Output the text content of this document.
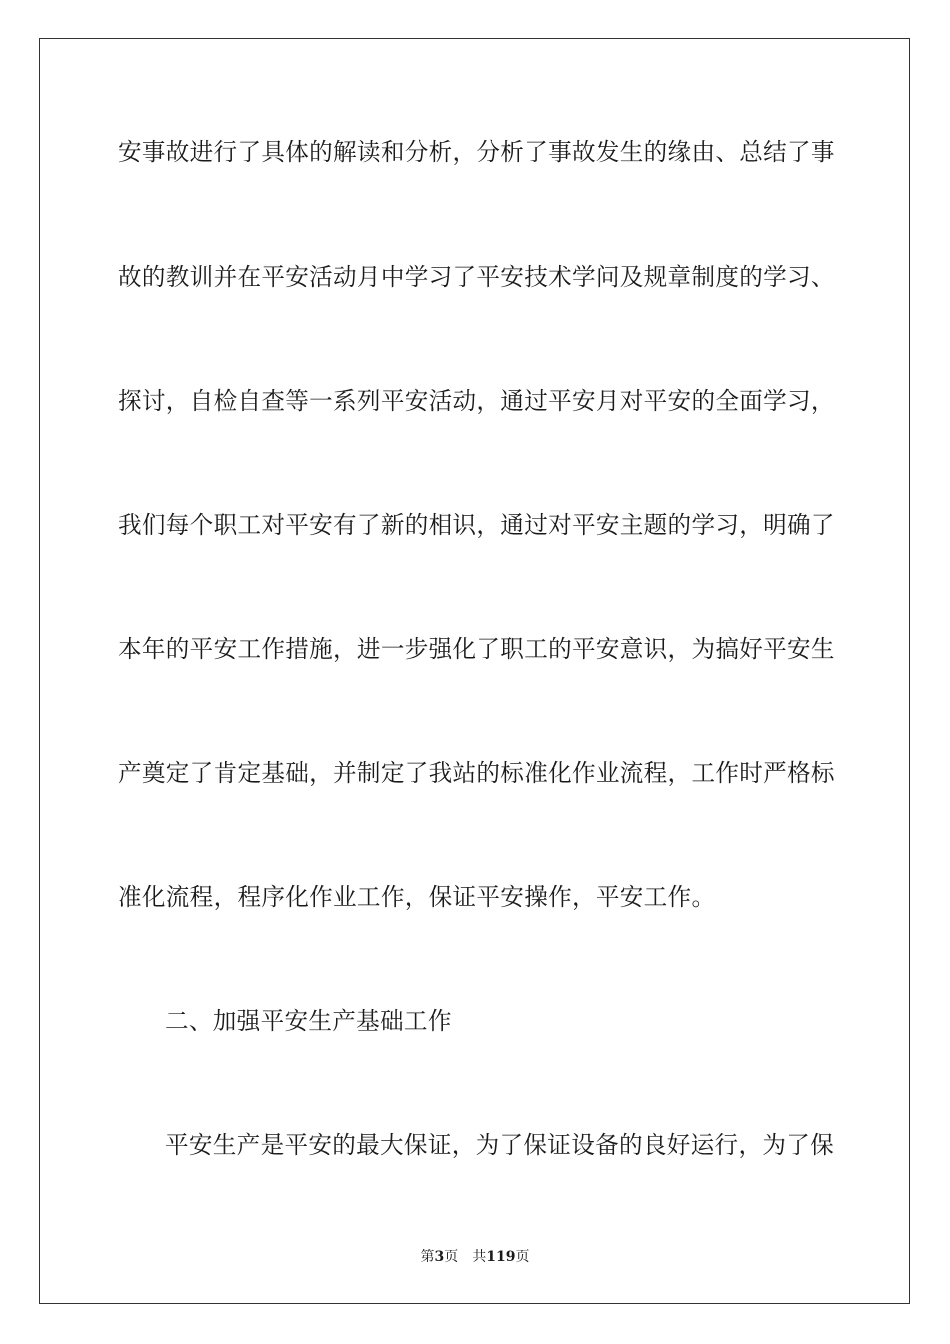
安事故进行了具体的解读和分析，分析了事故发生的缘由、总结了事
故的教训并在平安活动月中学习了平安技术学问及规章制度的学习、
探讨，自检自查等一系列平安活动，通过平安月对平安的全面学习，
我们每个职工对平安有了新的相识，通过对平安主题的学习，明确了
本年的平安工作措施，进一步强化了职工的平安意识，为搞好平安生
产奠定了肯定基础，并制定了我站的标准化作业流程，工作时严格标
准化流程，程序化作业工作，保证平安操作，平安工作。
二、加强平安生产基础工作
平安生产是平安的最大保证，为了保证设备的良好运行，为了保
第3页 共119页
